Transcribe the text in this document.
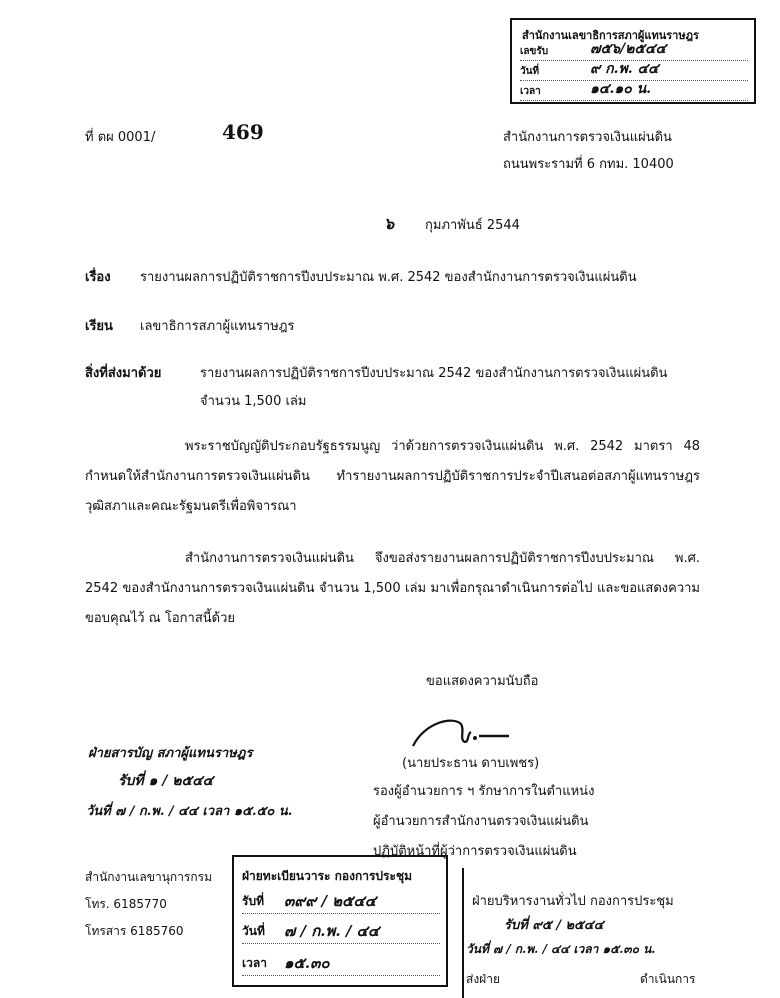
สำนักงานเลขาธิการสภาผู้แทนราษฎร
เลขรับ	๗๕๖/๒๕๔๔
วันที่	๙ ก.พ. ๔๔
เวลา	๑๔.๑๐ น.
ที่ ตผ 0001/	469	สำนักงานการตรวจเงินแผ่นดิน
ถนนพระรามที่ 6 กทม. 10400
๖ กุมภาพันธ์ 2544
เรื่อง รายงานผลการปฏิบัติราชการปีงบประมาณ พ.ศ. 2542 ของสำนักงานการตรวจเงินแผ่นดิน
เรียน เลขาธิการสภาผู้แทนราษฎร
สิ่งที่ส่งมาด้วย	รายงานผลการปฏิบัติราชการปีงบประมาณ 2542 ของสำนักงานการตรวจเงินแผ่นดิน
จำนวน 1,500 เล่ม
พระราชบัญญัติประกอบรัฐธรรมนูญ ว่าด้วยการตรวจเงินแผ่นดิน พ.ศ. 2542 มาตรา 48 กำหนดให้สำนักงานการตรวจเงินแผ่นดิน ทำรายงานผลการปฏิบัติราชการประจำปีเสนอต่อสภาผู้แทนราษฎร วุฒิสภาและคณะรัฐมนตรีเพื่อพิจารณา
สำนักงานการตรวจเงินแผ่นดิน จึงขอส่งรายงานผลการปฏิบัติราชการปีงบประมาณ พ.ศ. 2542 ของสำนักงานการตรวจเงินแผ่นดิน จำนวน 1,500 เล่ม มาเพื่อกรุณาดำเนินการต่อไป และขอแสดงความขอบคุณไว้ ณ โอกาสนี้ด้วย
ขอแสดงความนับถือ
(นายประธาน ดาบเพชร)
รองผู้อำนวยการ ฯ รักษาการในตำแหน่ง
ผู้อำนวยการสำนักงานตรวจเงินแผ่นดิน
ปฏิบัติหน้าที่ผู้ว่าการตรวจเงินแผ่นดิน
ฝ่ายสารบัญ สภาผู้แทนราษฎร
รับที่ ๑ / ๒๕๔๔
วันที่ ๗ / ก.พ. / ๔๔ เวลา ๑๕.๕๐ น.
สำนักงานเลขานุการกรม
โทร. 6185770
โทรสาร 6185760
ฝ่ายทะเบียนวาระ กองการประชุม
รับที่ ๓๙๙ / ๒๕๔๔
วันที่ ๗ / ก.พ. / ๔๔
เวลา ๑๕.๓๐
ฝ่ายบริหารงานทั่วไป กองการประชุม
รับที่ ๙๕ / ๒๕๔๔
วันที่ ๗ / ก.พ. / ๔๔ เวลา ๑๕.๓๐ น.
ส่งฝ่าย	ดำเนินการ
